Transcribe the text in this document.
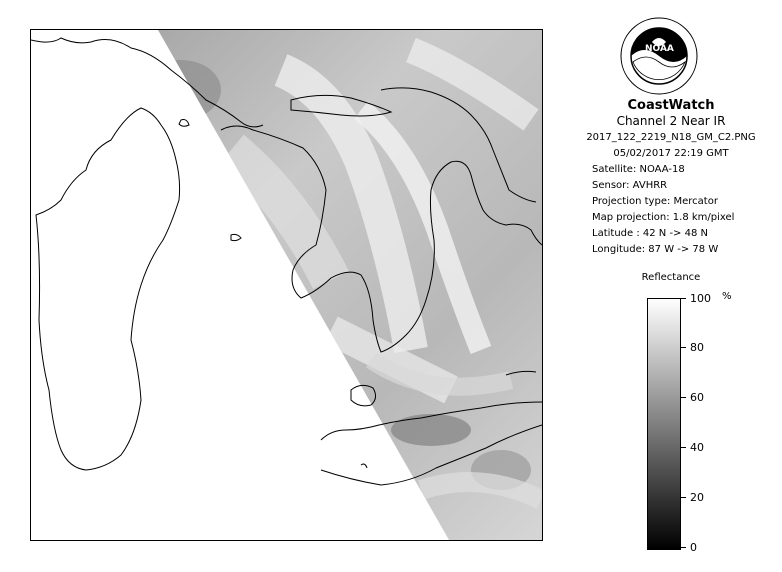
NOAA
CoastWatch
Channel 2 Near IR
2017_122_2219_N18_GM_C2.PNG
05/02/2017 22:19 GMT
Satellite: NOAA-18
Sensor: AVHRR
Projection type: Mercator
Map projection: 1.8 km/pixel
Latitude : 42 N -> 48 N
Longitude: 87 W -> 78 W
Reflectance
%
100
80
60
40
20
0
